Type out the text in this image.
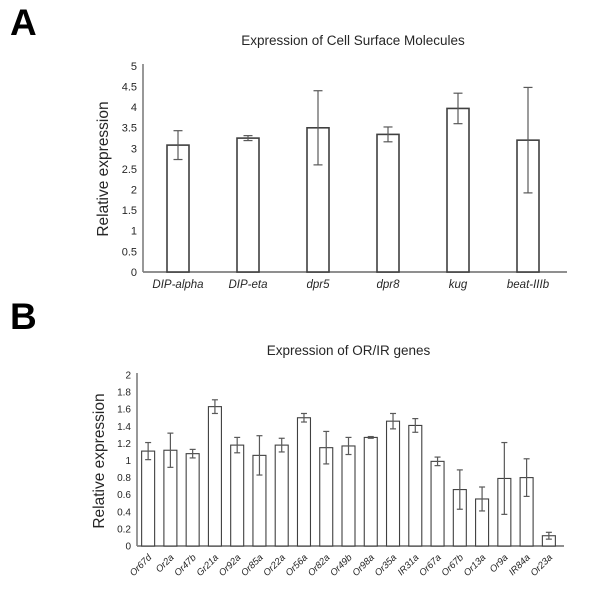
A
B
Expression of Cell Surface Molecules
Expression of OR/IR genes
Relative expression
Relative expression
0
0.5
1
1.5
2
2.5
3
3.5
4
4.5
5
DIP-alpha DIP-eta	dpr5	dpr8	kug	beat-IIIb
0
0.2
0.4
0.6
0.8
1
1.2
1.4
1.6
1.8
2
Or67d Or2a
Or47b
Gr21a
Or92a
Or85a
Or22a
Or56a
Or82a
Or49b
Or98a
Or35a
IR31a
Or67a
Or67b
Or13a Or9a
IR84a
Or23a
